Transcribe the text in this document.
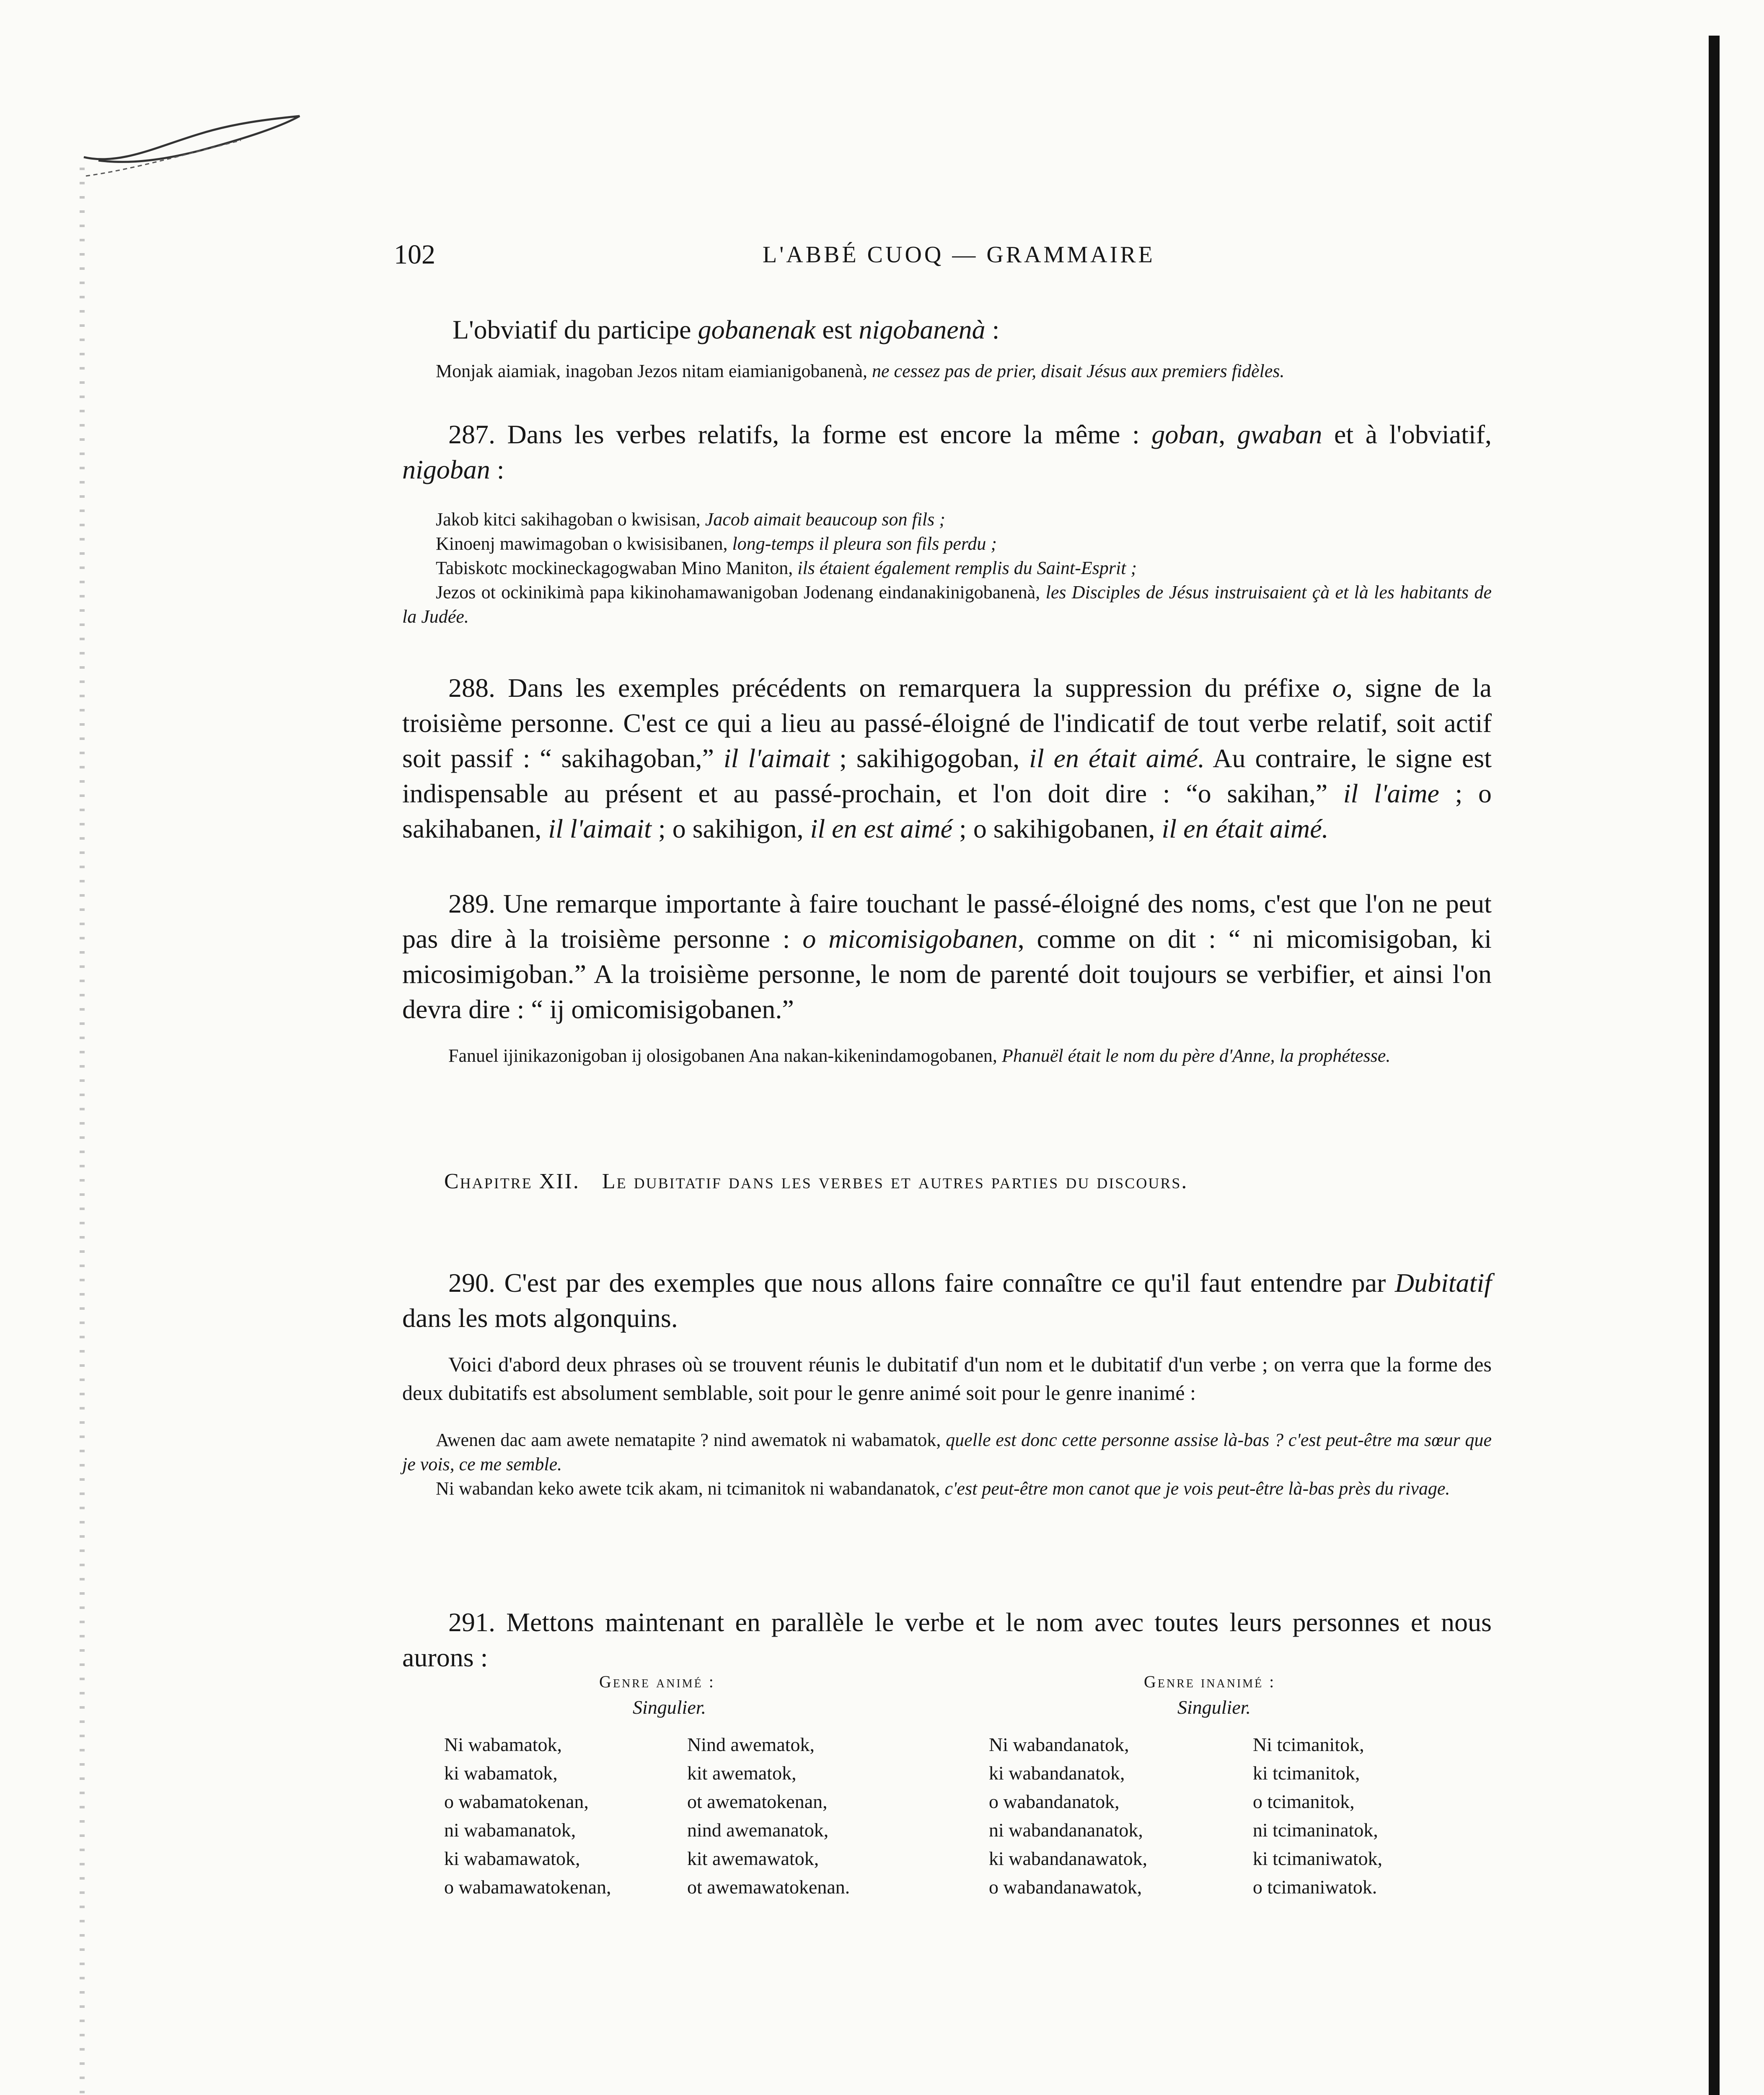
102	L'ABBÉ CUOQ — GRAMMAIRE

L'obviatif du participe gobanenak est nigobanenà :

Monjak aiamiak, inagoban Jezos nitam eiamianigobanenà, ne cessez pas de prier, disait Jésus aux premiers fidèles.

287. Dans les verbes relatifs, la forme est encore la même : goban, gwaban et à l'obviatif, nigoban :

Jakob kitci sakihagoban o kwisisan, Jacob aimait beaucoup son fils ;

Kinoenj mawimagoban o kwisisibanen, long-temps il pleura son fils perdu ;

Tabiskotc mockineckagogwaban Mino Maniton, ils étaient également remplis du Saint-Esprit ;

Jezos ot ockinikimà papa kikinohamawanigoban Jodenang eindanakinigobanenà, les Disciples de Jésus instruisaient çà et là les habitants de la Judée.

288. Dans les exemples précédents on remarquera la suppression du préfixe o, signe de la troisième personne. C'est ce qui a lieu au passé-éloigné de l'indicatif de tout verbe relatif, soit actif soit passif : “ sakihagoban,” il l'aimait ; sakihigogoban, il en était aimé. Au contraire, le signe est indispensable au présent et au passé-prochain, et l'on doit dire : “o sakihan,” il l'aime ; o sakihabanen, il l'aimait ; o sakihigon, il en est aimé ; o sakihigobanen, il en était aimé.

289. Une remarque importante à faire touchant le passé-éloigné des noms, c'est que l'on ne peut pas dire à la troisième personne : o micomisigobanen, comme on dit : “ ni micomisigoban, ki micosimigoban.” A la troisième personne, le nom de parenté doit toujours se verbifier, et ainsi l'on devra dire : “ ij omicomisigobanen.”

Fanuel ijinikazonigoban ij olosigobanen Ana nakan-kikenindamogobanen, Phanuël était le nom du père d'Anne, la prophétesse.

Chapitre XII. Le dubitatif dans les verbes et autres parties du discours.

290. C'est par des exemples que nous allons faire connaître ce qu'il faut entendre par Dubitatif dans les mots algonquins.

Voici d'abord deux phrases où se trouvent réunis le dubitatif d'un nom et le dubitatif d'un verbe ; on verra que la forme des deux dubitatifs est absolument semblable, soit pour le genre animé soit pour le genre inanimé :

Awenen dac aam awete nematapite ? nind awematok ni wabamatok, quelle est donc cette personne assise là-bas ? c'est peut-être ma sœur que je vois, ce me semble.

Ni wabandan keko awete tcik akam, ni tcimanitok ni wabandanatok, c'est peut-être mon canot que je vois peut-être là-bas près du rivage.

291. Mettons maintenant en parallèle le verbe et le nom avec toutes leurs personnes et nous aurons :

Genre animé :
Singulier.
Genre inanimé :
Singulier.
Ni wabamatok,
ki wabamatok,
o wabamatokenan,
ni wabamanatok,
ki wabamawatok,
o wabamawatokenan,
Nind awematok,
kit awematok,
ot awematokenan,
nind awemanatok,
kit awemawatok,
ot awemawatokenan.
Ni wabandanatok,
ki wabandanatok,
o wabandanatok,
ni wabandananatok,
ki wabandanawatok,
o wabandanawatok,
Ni tcimanitok,
ki tcimanitok,
o tcimanitok,
ni tcimaninatok,
ki tcimaniwatok,
o tcimaniwatok.
